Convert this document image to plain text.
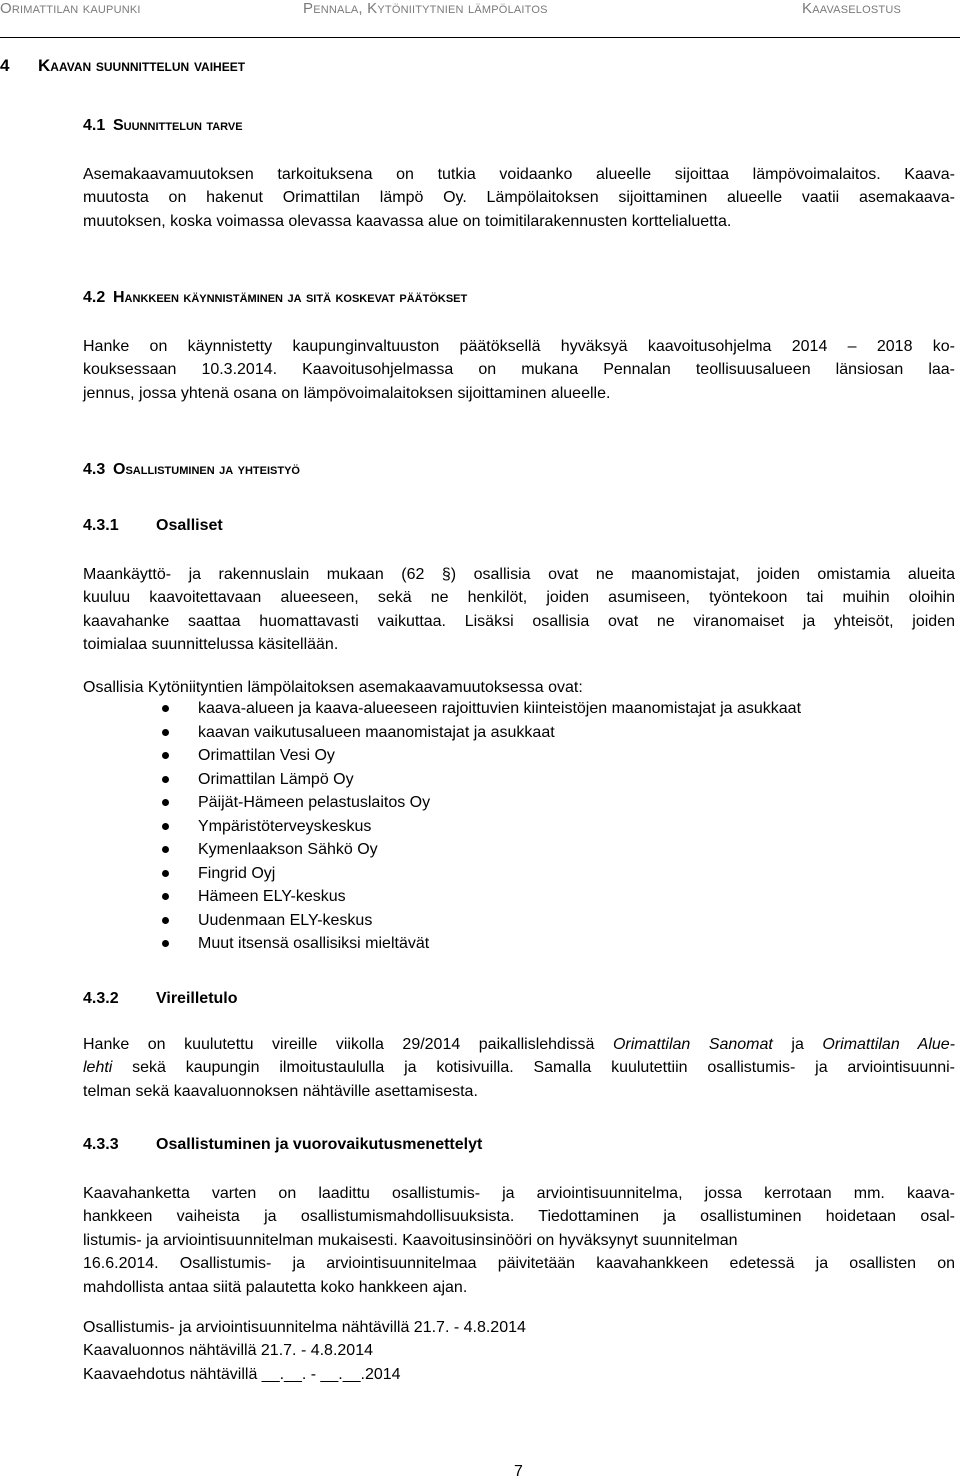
Orimattilan kaupunki	Pennala, Kytöniitytnien lämpölaitos	Kaavaselostus
4 Kaavan suunnittelun vaiheet
4.1 Suunnittelun tarve
Asemakaavamuutoksen tarkoituksena on tutkia voidaanko alueelle sijoittaa lämpövoimalaitos. Kaava-
muutosta on hakenut Orimattilan lämpö Oy. Lämpölaitoksen sijoittaminen alueelle vaatii asemakaava-
muutoksen, koska voimassa olevassa kaavassa alue on toimitilarakennusten korttelialuetta.
4.2 Hankkeen käynnistäminen ja sitä koskevat päätökset
Hanke on käynnistetty kaupunginvaltuuston päätöksellä hyväksyä kaavoitusohjelma 2014 – 2018 ko-
kouksessaan 10.3.2014. Kaavoitusohjelmassa on mukana Pennalan teollisuusalueen länsiosan laa-
jennus, jossa yhtenä osana on lämpövoimalaitoksen sijoittaminen alueelle.
4.3 Osallistuminen ja yhteistyö
4.3.1 Osalliset
Maankäyttö- ja rakennuslain mukaan (62 §) osallisia ovat ne maanomistajat, joiden omistamia alueita
kuuluu kaavoitettavaan alueeseen, sekä ne henkilöt, joiden asumiseen, työntekoon tai muihin oloihin
kaavahanke saattaa huomattavasti vaikuttaa. Lisäksi osallisia ovat ne viranomaiset ja yhteisöt, joiden
toimialaa suunnittelussa käsitellään.
Osallisia Kytöniityntien lämpölaitoksen asemakaavamuutoksessa ovat:
kaava-alueen ja kaava-alueeseen rajoittuvien kiinteistöjen maanomistajat ja asukkaat
kaavan vaikutusalueen maanomistajat ja asukkaat
Orimattilan Vesi Oy
Orimattilan Lämpö Oy
Päijät-Hämeen pelastuslaitos Oy
Ympäristöterveyskeskus
Kymenlaakson Sähkö Oy
Fingrid Oyj
Hämeen ELY-keskus
Uudenmaan ELY-keskus
Muut itsensä osallisiksi mieltävät
4.3.2 Vireilletulo
Hanke on kuulutettu vireille viikolla 29/2014 paikallislehdissä Orimattilan Sanomat ja Orimattilan Alue-
lehti sekä kaupungin ilmoitustaululla ja kotisivuilla. Samalla kuulutettiin osallistumis- ja arviointisuunni-
telman sekä kaavaluonnoksen nähtäville asettamisesta.
4.3.3 Osallistuminen ja vuorovaikutusmenettelyt
Kaavahanketta varten on laadittu osallistumis- ja arviointisuunnitelma, jossa kerrotaan mm. kaava-
hankkeen vaiheista ja osallistumismahdollisuuksista. Tiedottaminen ja osallistuminen hoidetaan osal-
listumis- ja arviointisuunnitelman mukaisesti. Kaavoitusinsinööri on hyväksynyt suunnitelman
16.6.2014. Osallistumis- ja arviointisuunnitelmaa päivitetään kaavahankkeen edetessä ja osallisten on
mahdollista antaa siitä palautetta koko hankkeen ajan.
Osallistumis- ja arviointisuunnitelma nähtävillä 21.7. - 4.8.2014
Kaavaluonnos nähtävillä 21.7. - 4.8.2014
Kaavaehdotus nähtävillä __.__. - __.__.2014
7
